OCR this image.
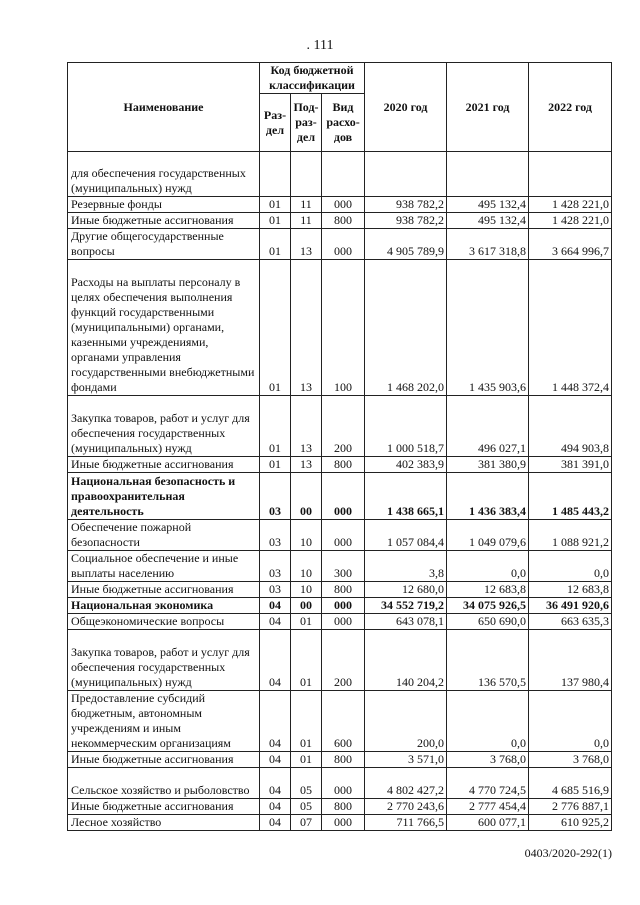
. 111
Наименование	Код бюджетной классификации			2020 год	2021 год	2022 год
	Раз- дел	Под- раз- дел	Вид расхо- дов			
для обеспечения государственных (муниципальных) нужд						
Резервные фонды	01	11	000	938 782,2	495 132,4	1 428 221,0
Иные бюджетные ассигнования	01	11	800	938 782,2	495 132,4	1 428 221,0
Другие общегосударственные вопросы	01	13	000	4 905 789,9	3 617 318,8	3 664 996,7
Расходы на выплаты персоналу в целях обеспечения выполнения функций государственными (муниципальными) органами, казенными учреждениями, органами управления государственными внебюджетными фондами	01	13	100	1 468 202,0	1 435 903,6	1 448 372,4
Закупка товаров, работ и услуг для обеспечения государственных (муниципальных) нужд	01	13	200	1 000 518,7	496 027,1	494 903,8
Иные бюджетные ассигнования	01	13	800	402 383,9	381 380,9	381 391,0
Национальная безопасность и правоохранительная деятельность	03	00	000	1 438 665,1	1 436 383,4	1 485 443,2
Обеспечение пожарной безопасности	03	10	000	1 057 084,4	1 049 079,6	1 088 921,2
Социальное обеспечение и иные выплаты населению	03	10	300	3,8	0,0	0,0
Иные бюджетные ассигнования	03	10	800	12 680,0	12 683,8	12 683,8
Национальная экономика	04	00	000	34 552 719,2	34 075 926,5	36 491 920,6
Общеэкономические вопросы	04	01	000	643 078,1	650 690,0	663 635,3
Закупка товаров, работ и услуг для обеспечения государственных (муниципальных) нужд	04	01	200	140 204,2	136 570,5	137 980,4
Предоставление субсидий бюджетным, автономным учреждениям и иным некоммерческим организациям	04	01	600	200,0	0,0	0,0
Иные бюджетные ассигнования	04	01	800	3 571,0	3 768,0	3 768,0
Сельское хозяйство и рыболовство	04	05	000	4 802 427,2	4 770 724,5	4 685 516,9
Иные бюджетные ассигнования	04	05	800	2 770 243,6	2 777 454,4	2 776 887,1
Лесное хозяйство	04	07	000	711 766,5	600 077,1	610 925,2
0403/2020-292(1)
